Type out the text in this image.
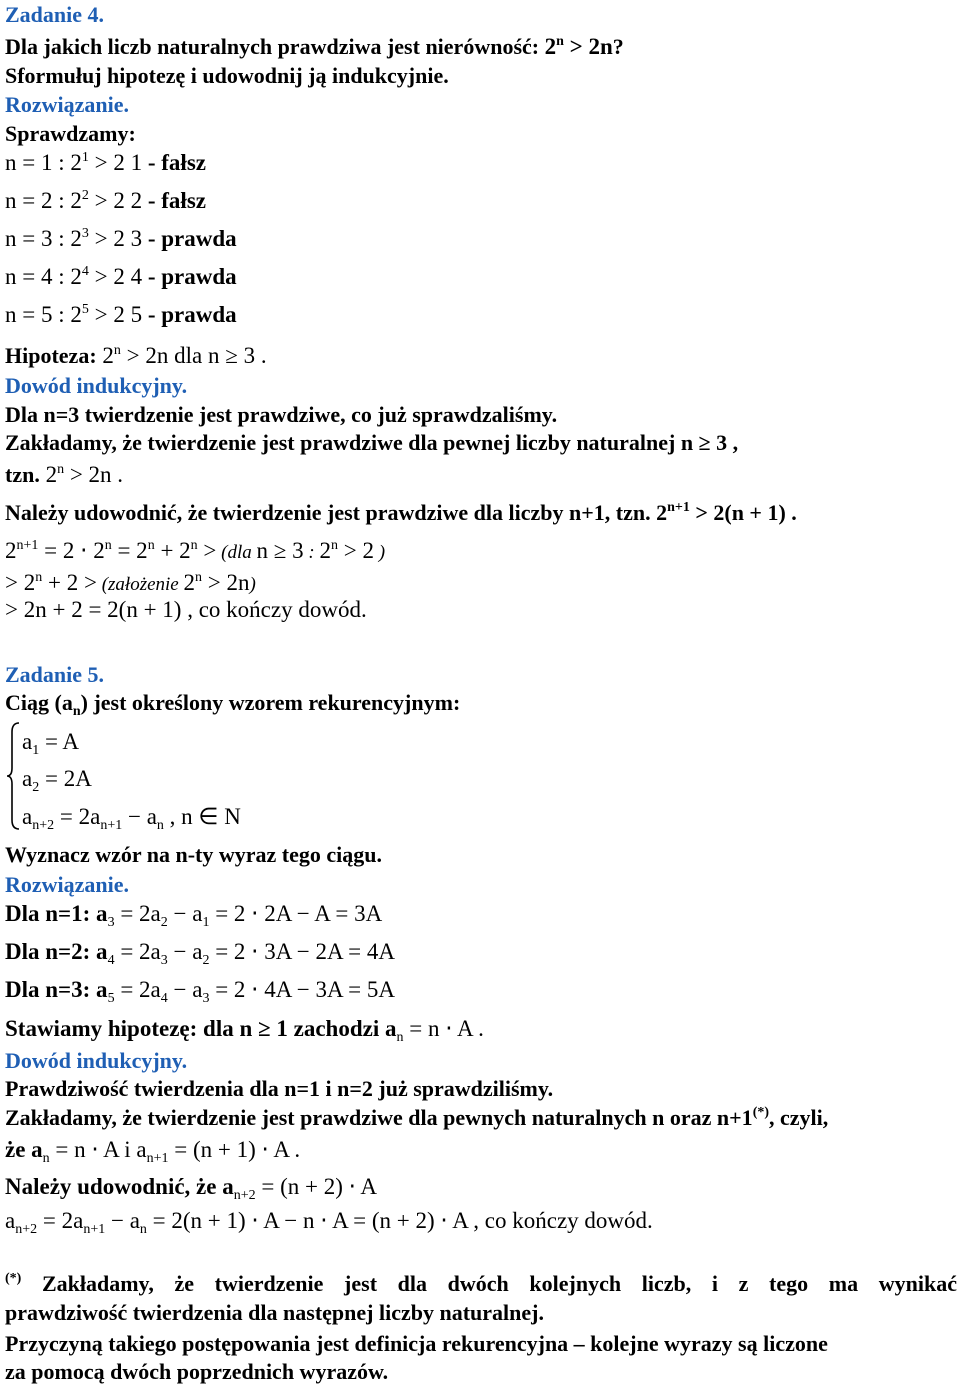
Zadanie 4.
Dla jakich liczb naturalnych prawdziwa jest nierówność: $2^n > 2n$?
Sformułuj hipotezę i udowodnij ją indukcyjnie.
Rozwiązanie.
Sprawdzamy:
n = 1 : $2^1 > 2$ 1 - fałsz
n = 2 : $2^2 > 2$ 2 - fałsz
n = 3 : $2^3 > 2$ 3 - prawda
n = 4 : $2^4 > 2$ 4 - prawda
n = 5 : $2^5 > 2$ 5 - prawda
Hipoteza: $2^n > 2n$ dla n ≥ 3 .
Dowód indukcyjny.
Dla n=3 twierdzenie jest prawdziwe, co już sprawdzaliśmy.
Zakładamy, że twierdzenie jest prawdziwe dla pewnej liczby naturalnej n ≥ 3 ,
tzn. $2^n > 2n$ .
Należy udowodnić, że twierdzenie jest prawdziwe dla liczby n+1, tzn. $2^{n+1} > 2(n + 1)$ .
$2^{n+1} = 2 \cdot 2^n = 2^n + 2^n > (dla$ n ≥ 3 : $2^n > 2$ )
> $2^n + 2$ > (założenie $2^n > 2n$)
> 2n + 2 = 2(n + 1) , co kończy dowód.
Zadanie 5.
Ciąg $(a_n)$ jest określony wzorem rekurencyjnym:
$a_1 = A$
$a_2 = 2A$
$a_{n+2} = 2a_{n+1} - a_n$ , n ∈ N
Wyznacz wzór na n-ty wyraz tego ciągu.
Rozwiązanie.
Dla n=1: $a_3 = 2a_2 - a_1 = 2 \cdot 2A - A = 3A$
Dla n=2: $a_4 = 2a_3 - a_2 = 2 \cdot 3A - 2A = 4A$
Dla n=3: $a_5 = 2a_4 - a_3 = 2 \cdot 4A - 3A = 5A$
Stawiamy hipotezę: dla n ≥ 1 zachodzi $a_n = n \cdot A$ .
Dowód indukcyjny.
Prawdziwość twierdzenia dla n=1 i n=2 już sprawdziliśmy.
Zakładamy, że twierdzenie jest prawdziwe dla pewnych naturalnych n oraz n+1(*), czyli,
że $a_n = n \cdot A$ i $a_{n+1} = (n + 1) \cdot A$ .
Należy udowodnić, że $a_{n+2} = (n + 2) \cdot A$
$a_{n+2} = 2a_{n+1} - a_n = 2(n + 1) \cdot A - n \cdot A = (n + 2) \cdot A$ , co kończy dowód.
(*) Zakładamy, że twierdzenie jest dla dwóch kolejnych liczb, i z tego ma wynikać
prawdziwość twierdzenia dla następnej liczby naturalnej.
Przyczyną takiego postępowania jest definicja rekurencyjna – kolejne wyrazy są liczone
za pomocą dwóch poprzednich wyrazów.
